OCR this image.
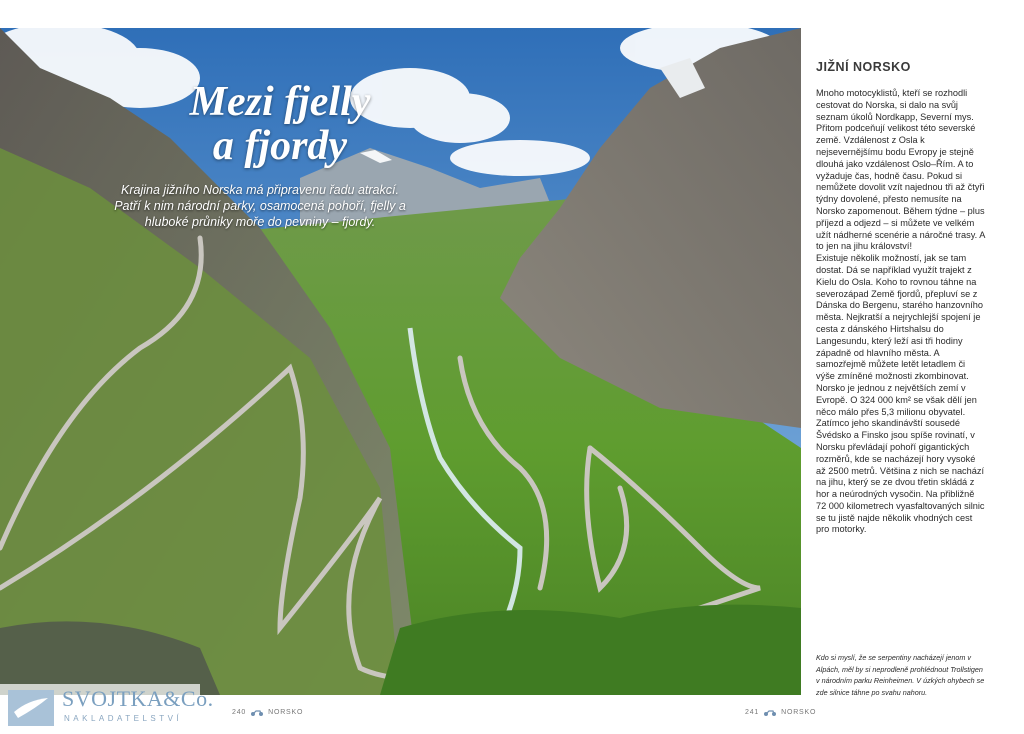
Mezi fjelly
a fjordy
Krajina jižního Norska má připravenu řadu atrakcí. Patří k nim národní parky, osamocená pohoří, fjelly a hluboké průniky moře do pevniny – fjordy.
JIŽNÍ NORSKO

Mnoho motocyklistů, kteří se rozhodli cestovat do Norska, si dalo na svůj seznam úkolů Nordkapp, Severní mys. Přitom podceňují velikost této severské země. Vzdálenost z Osla k nejsevernějšímu bodu Evropy je stejně dlouhá jako vzdálenost Oslo–Řím. A to vyžaduje čas, hodně času. Pokud si nemůžete dovolit vzít najednou tři až čtyři týdny dovolené, přesto nemusíte na Norsko zapomenout. Během týdne – plus příjezd a odjezd – si můžete ve velkém užít nádherné scenérie a náročné trasy. A to jen na jihu království!
Existuje několik možností, jak se tam dostat. Dá se například využít trajekt z Kielu do Osla. Koho to rovnou táhne na severozápad Země fjordů, přepluví se z Dánska do Bergenu, starého hanzovního města. Nejkratší a nejrychlejší spojení je cesta z dánského Hirtshalsu do Langesundu, který leží asi tři hodiny západně od hlavního města. A samozřejmě můžete letět letadlem či výše zmíněné možnosti zkombinovat.
Norsko je jednou z největších zemí v Evropě. O 324 000 km² se však dělí jen něco málo přes 5,3 milionu obyvatel. Zatímco jeho skandinávští sousedé Švédsko a Finsko jsou spíše rovinatí, v Norsku převládají pohoří gigantických rozměrů, kde se nacházejí hory vysoké až 2500 metrů. Většina z nich se nachází na jihu, který se ze dvou třetin skládá z hor a neúrodných vysočin. Na přibližně 72 000 kilometrech vyasfaltovaných silnic se tu jistě najde několik vhodných cest pro motorky.

Kdo si myslí, že se serpentiny nacházejí jenom v Alpách, měl by si neprodleně prohlédnout Trollstigen v národním parku Reinheimen. V úzkých ohybech se zde silnice táhne po svahu nahoru.
SVOJTKA&Co.
NAKLADATELSTVÍ
240	NORSKO	241	NORSKO
